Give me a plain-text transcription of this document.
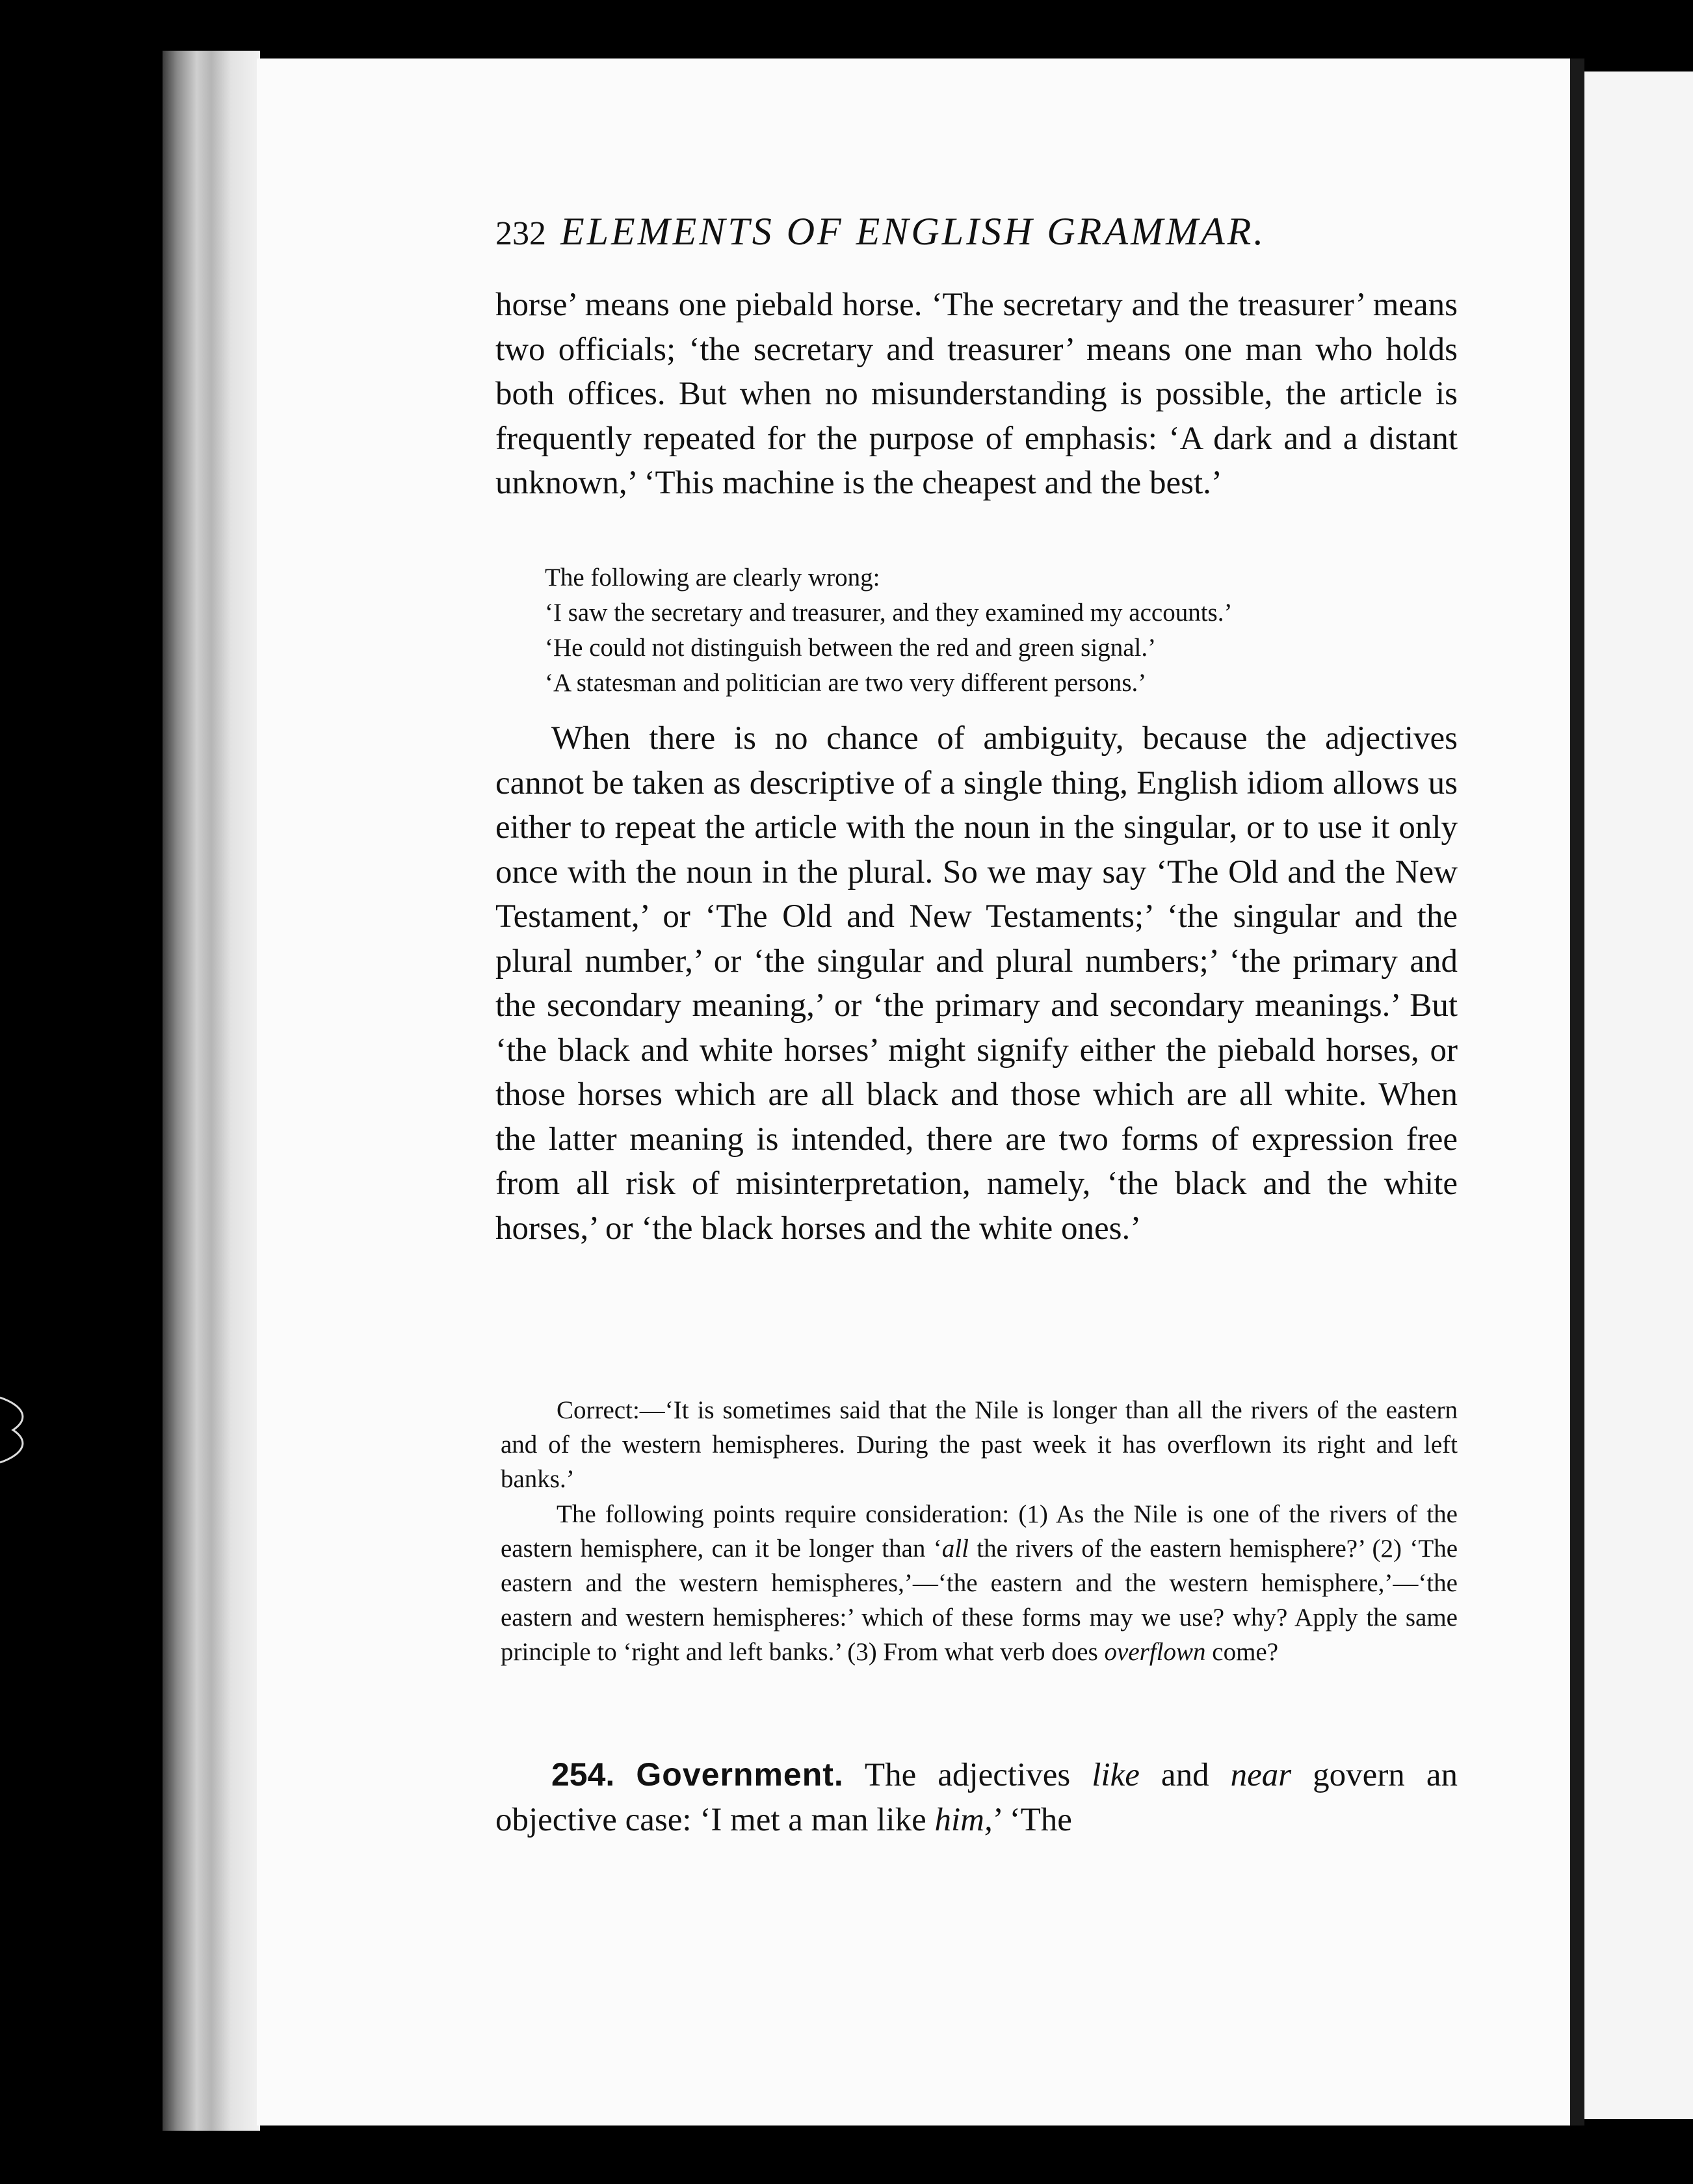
232 ELEMENTS OF ENGLISH GRAMMAR.

horse’ means one piebald horse. ‘The secretary and the treasurer’ means two officials; ‘the secretary and treasurer’ means one man who holds both offices. But when no misunderstanding is possible, the article is frequently repeated for the purpose of emphasis: ‘A dark and a distant unknown,’ ‘This machine is the cheapest and the best.’

The following are clearly wrong:

‘I saw the secretary and treasurer, and they examined my accounts.’

‘He could not distinguish between the red and green signal.’

‘A statesman and politician are two very different persons.’

When there is no chance of ambiguity, because the adjectives cannot be taken as descriptive of a single thing, English idiom allows us either to repeat the article with the noun in the singular, or to use it only once with the noun in the plural. So we may say ‘The Old and the New Testament,’ or ‘The Old and New Testaments;’ ‘the singular and the plural number,’ or ‘the singular and plural numbers;’ ‘the primary and the secondary meaning,’ or ‘the primary and secondary meanings.’ But ‘the black and white horses’ might signify either the piebald horses, or those horses which are all black and those which are all white. When the latter meaning is intended, there are two forms of expression free from all risk of misinterpretation, namely, ‘the black and the white horses,’ or ‘the black horses and the white ones.’

Correct:—‘It is sometimes said that the Nile is longer than all the rivers of the eastern and of the western hemispheres. During the past week it has overflown its right and left banks.’

The following points require consideration: (1) As the Nile is one of the rivers of the eastern hemisphere, can it be longer than ‘all the rivers of the eastern hemisphere?’ (2) ‘The eastern and the western hemispheres,’—‘the eastern and the western hemisphere,’—‘the eastern and western hemispheres:’ which of these forms may we use? why? Apply the same principle to ‘right and left banks.’ (3) From what verb does overflown come?

254. Government. The adjectives like and near govern an objective case: ‘I met a man like him,’ ‘The
